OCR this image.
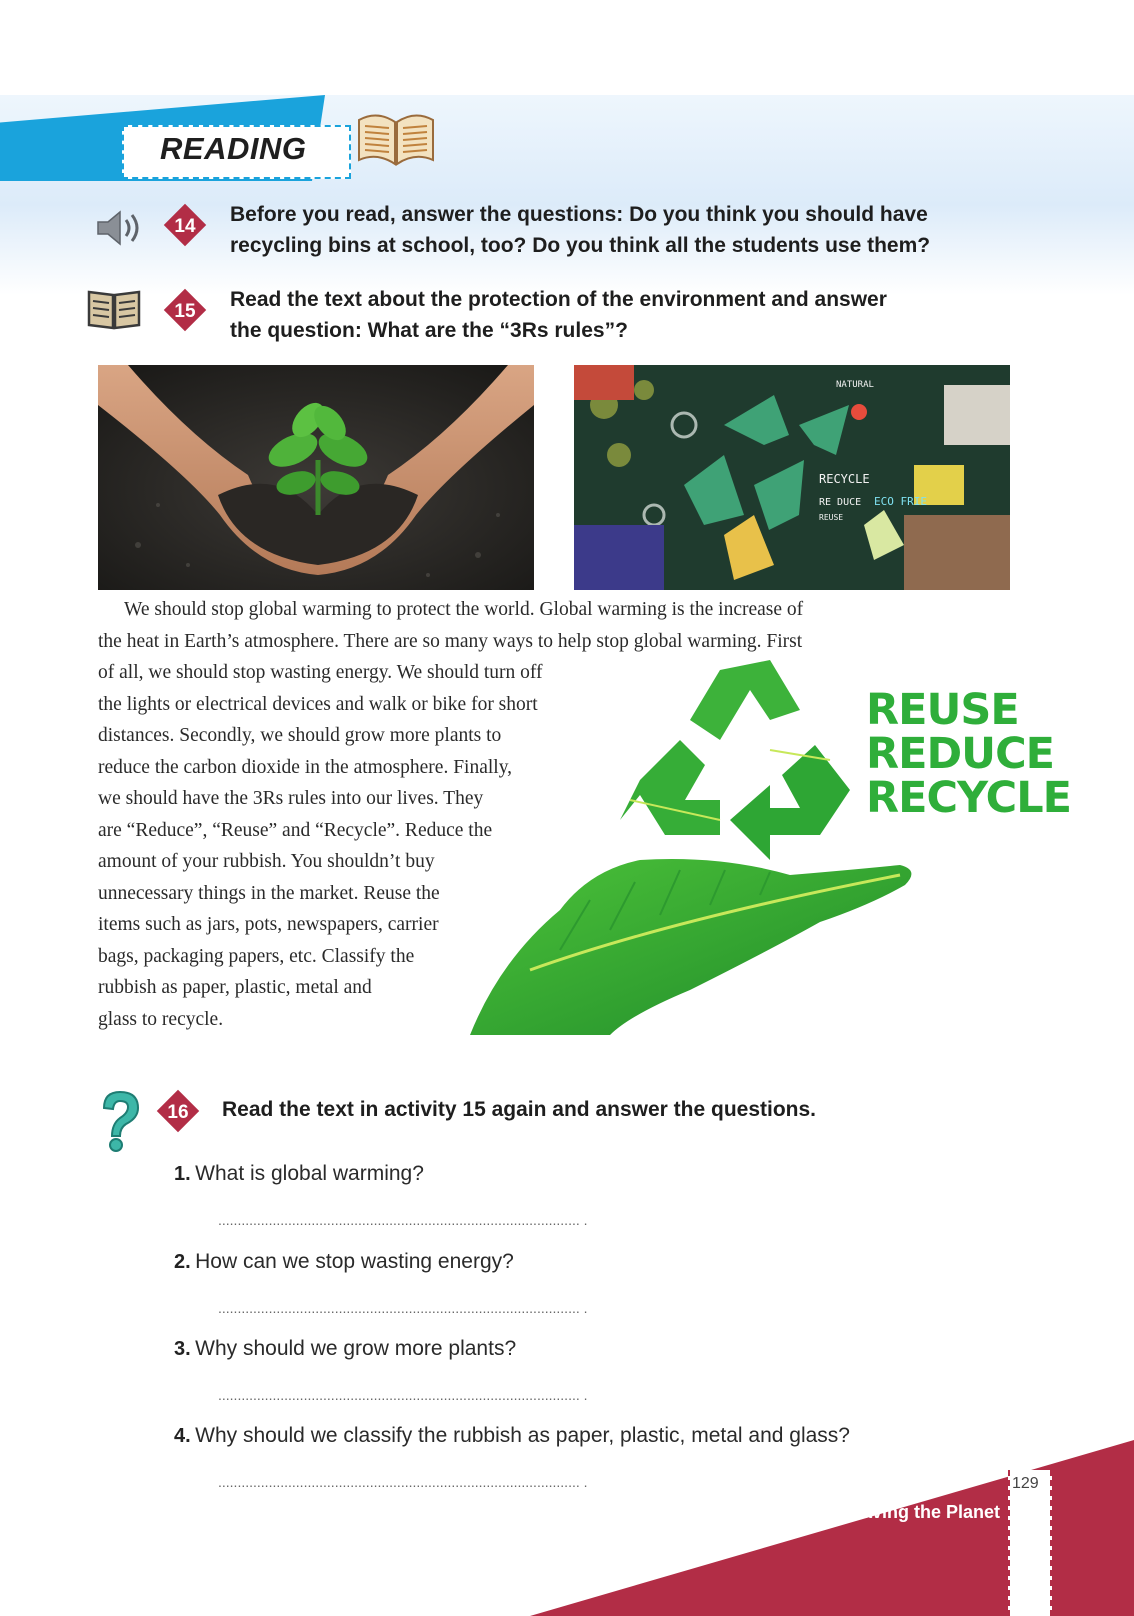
READING
14
Before you read, answer the questions: Do you think you should have
recycling bins at school, too? Do you think all the students use them?
15
Read the text about the protection of the environment and answer
the question: What are the “3Rs rules”?
RECYCLE
RE DUCE ECO FRIE
NATURAL
REUSE
REUSE
REDUCE
RECYCLE
We should stop global warming to protect the world. Global warming is the increase of
the heat in Earth’s atmosphere. There are so many ways to help stop global warming. First
of all, we should stop wasting energy. We should turn off
the lights or electrical devices and walk or bike for short
distances. Secondly, we should grow more plants to
reduce the carbon dioxide in the atmosphere. Finally,
we should have the 3Rs rules into our lives. They
are “Reduce”, “Reuse” and “Recycle”. Reduce the
amount of your rubbish. You shouldn’t buy
unnecessary things in the market. Reuse the
items such as jars, pots, newspapers, carrier
bags, packaging papers, etc. Classify the
rubbish as paper, plastic, metal and
glass to recycle.
16 Read the text in activity 15 again and answer the questions.
1. What is global warming?
............................................................................................. .
2. How can we stop wasting energy?
............................................................................................. .
3. Why should we grow more plants?
............................................................................................. .
4. Why should we classify the rubbish as paper, plastic, metal and glass?
............................................................................................. .	129
Saving the Planet
